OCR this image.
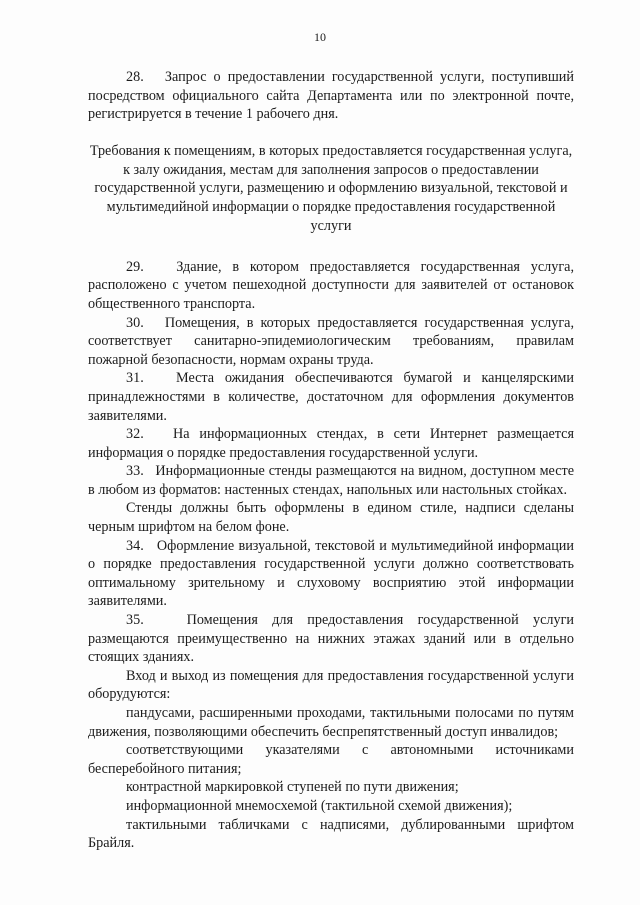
10

28.   Запрос о предоставлении государственной услуги, поступивший посредством официального сайта Департамента или по электронной почте, регистрируется в течение 1 рабочего дня.

Требования к помещениям, в которых предоставляется государственная услуга, к залу ожидания, местам для заполнения запросов о предоставлении государственной услуги, размещению и оформлению визуальной, текстовой и мультимедийной информации о порядке предоставления государственной услуги

29.   Здание, в котором предоставляется государственная услуга, расположено с учетом пешеходной доступности для заявителей от остановок общественного транспорта.

30.   Помещения, в которых предоставляется государственная услуга, соответствует санитарно-эпидемиологическим требованиям, правилам пожарной безопасности, нормам охраны труда.

31.   Места ожидания обеспечиваются бумагой и канцелярскими принадлежностями в количестве, достаточном для оформления документов заявителями.

32.   На информационных стендах, в сети Интернет размещается информация о порядке предоставления государственной услуги.

33.   Информационные стенды размещаются на видном, доступном месте в любом из форматов: настенных стендах, напольных или настольных стойках.

Стенды должны быть оформлены в едином стиле, надписи сделаны черным шрифтом на белом фоне.

34.   Оформление визуальной, текстовой и мультимедийной информации о порядке предоставления государственной услуги должно соответствовать оптимальному зрительному и слуховому восприятию этой информации заявителями.

35.   Помещения для предоставления государственной услуги размещаются преимущественно на нижних этажах зданий или в отдельно стоящих зданиях.

Вход и выход из помещения для предоставления государственной услуги оборудуются:

пандусами, расширенными проходами, тактильными полосами по путям движения, позволяющими обеспечить беспрепятственный доступ инвалидов;

соответствующими указателями с автономными источниками бесперебойного питания;

контрастной маркировкой ступеней по пути движения;

информационной мнемосхемой (тактильной схемой движения);

тактильными табличками с надписями, дублированными шрифтом Брайля.
